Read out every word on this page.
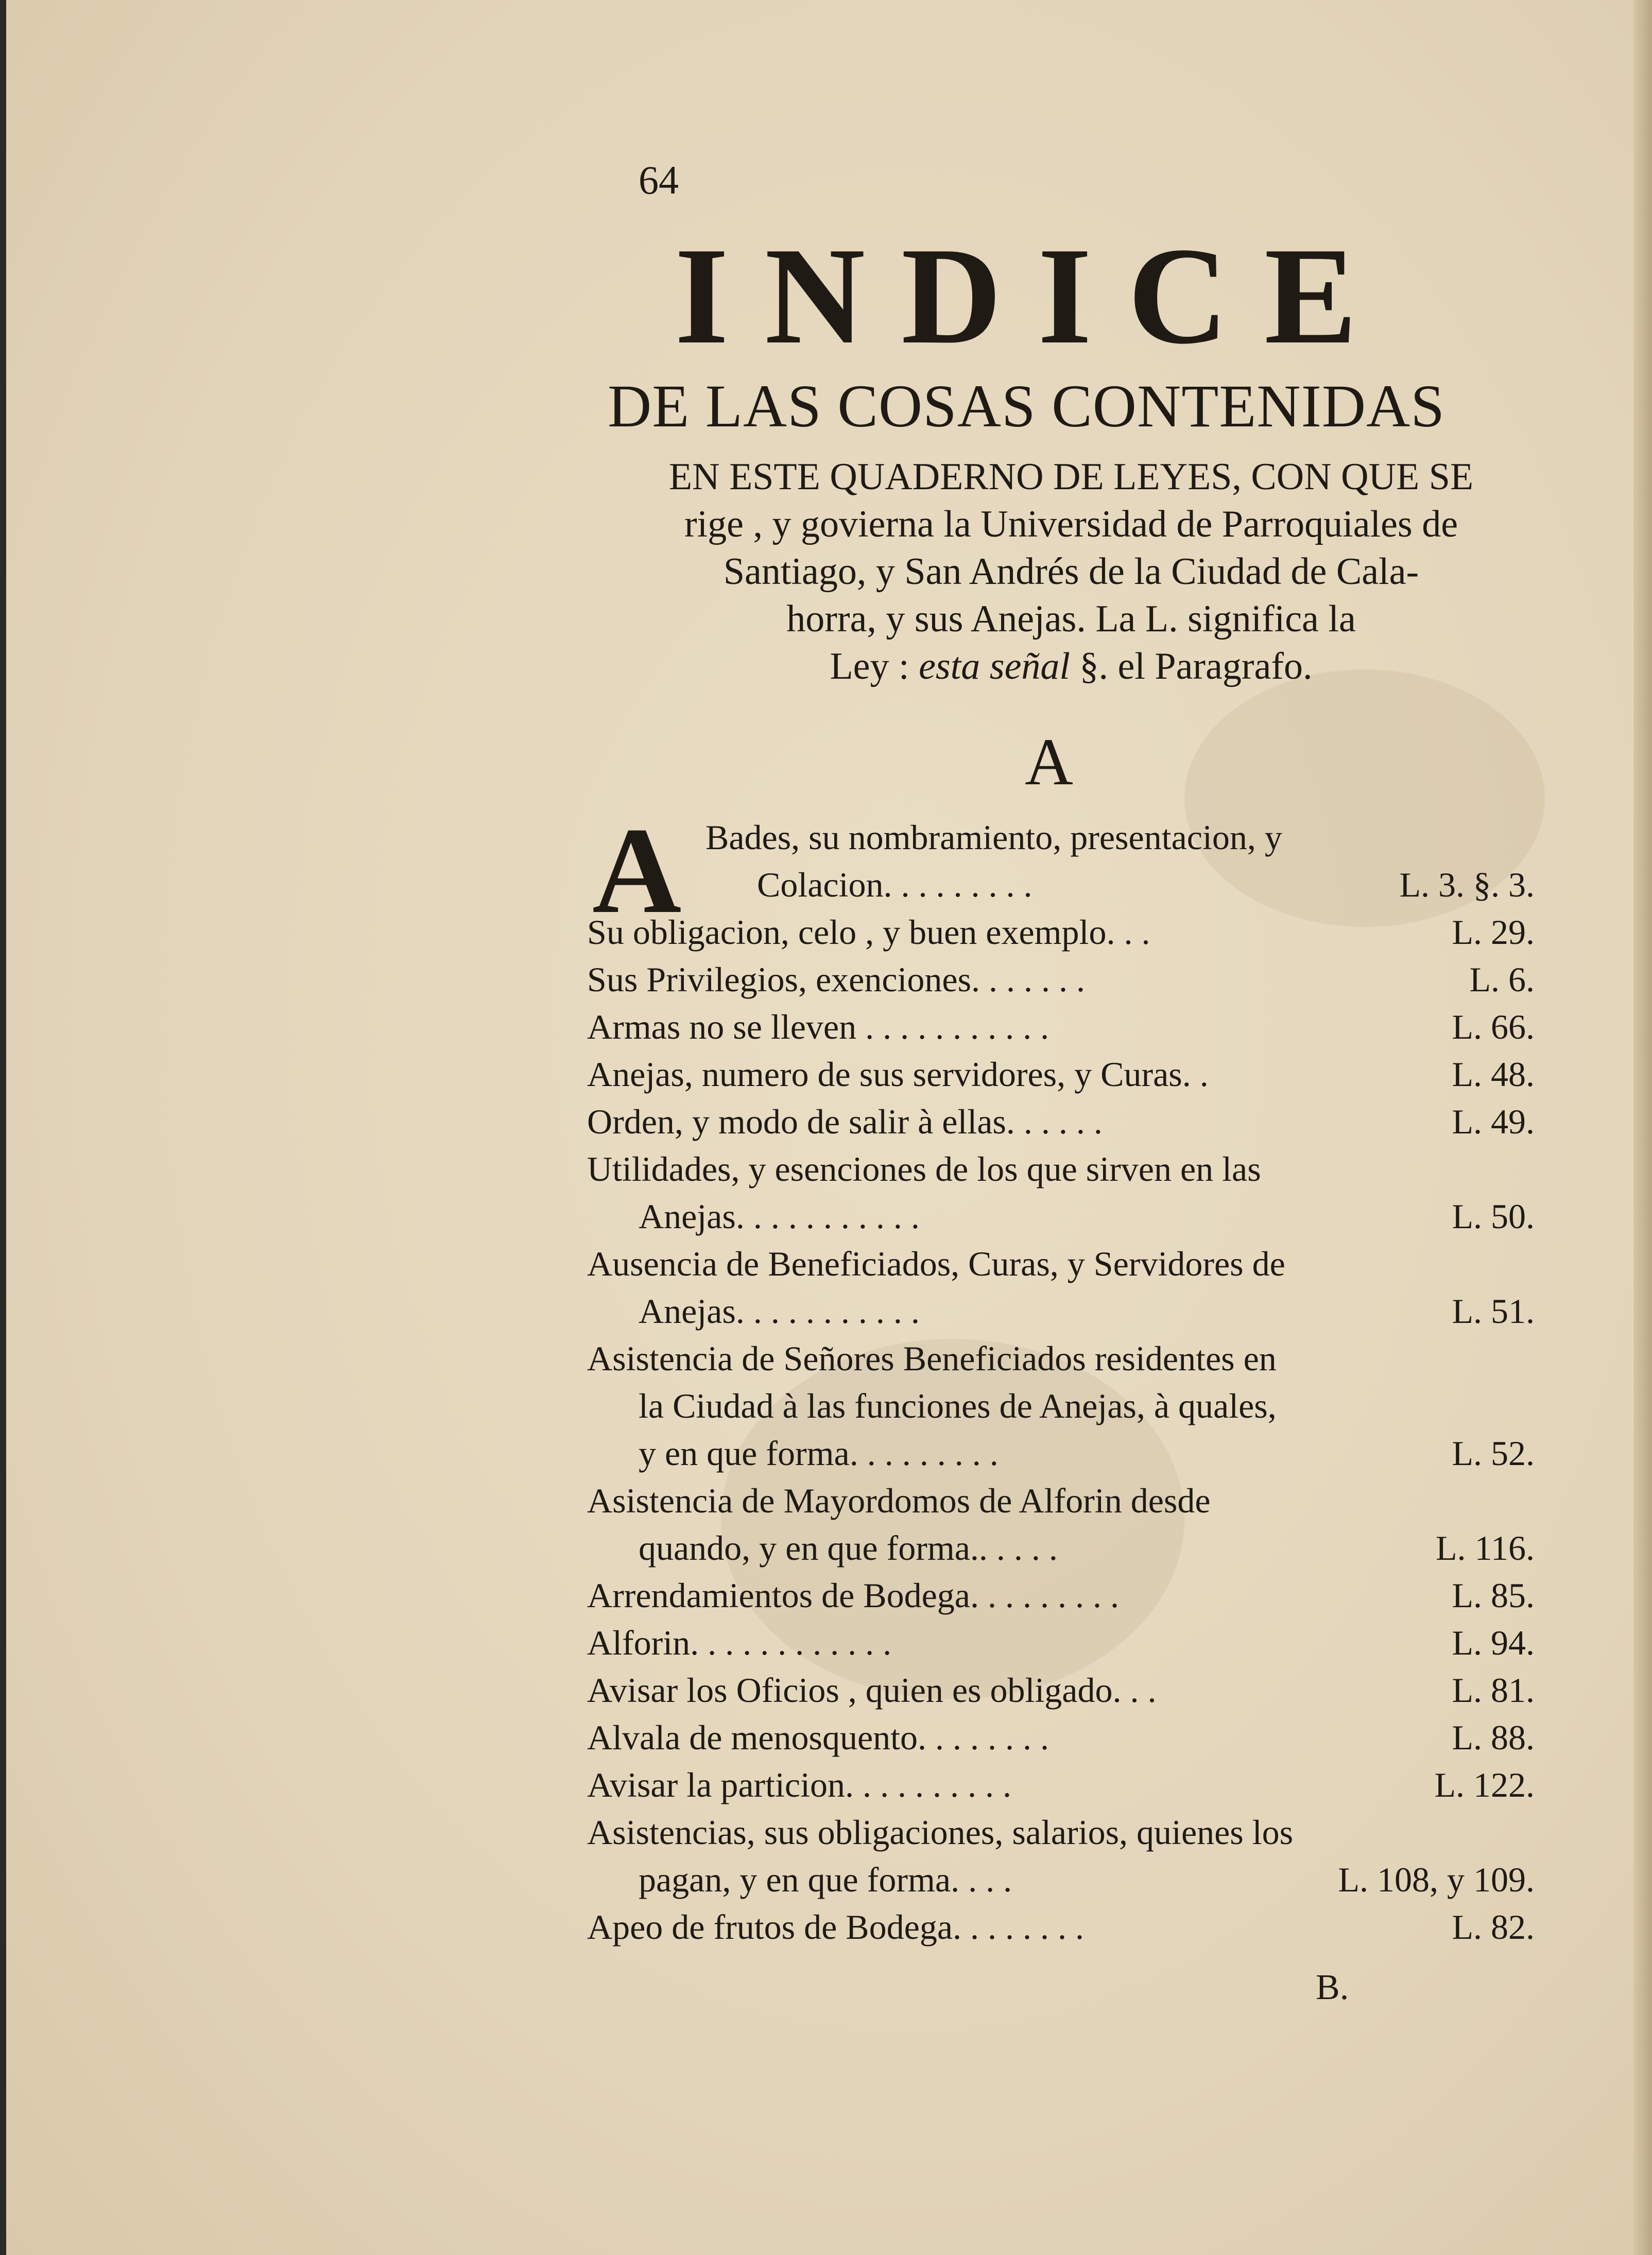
64
INDICE
DE LAS COSAS CONTENIDAS
EN ESTE QUADERNO DE LEYES, CON QUE SE
rige , y govierna la Universidad de Parroquiales de
Santiago, y San Andrés de la Ciudad de Cala-
horra, y sus Anejas. La L. significa la
Ley : esta señal §. el Paragrafo.
A
A Bades, su nombramiento, presentacion, y
Colacion. . . . . . . . .	L. 3. §. 3.
Su obligacion, celo , y buen exemplo. . .	L. 29.
Sus Privilegios, exenciones. . . . . . .	L. 6.
Armas no se lleven . . . . . . . . . . .	L. 66.
Anejas, numero de sus servidores, y Curas. .	L. 48.
Orden, y modo de salir à ellas. . . . . .	L. 49.
Utilidades, y esenciones de los que sirven en las
Anejas. . . . . . . . . . .	L. 50.
Ausencia de Beneficiados, Curas, y Servidores de
Anejas. . . . . . . . . . .	L. 51.
Asistencia de Señores Beneficiados residentes en
la Ciudad à las funciones de Anejas, à quales,
y en que forma. . . . . . . . .	L. 52.
Asistencia de Mayordomos de Alforin desde
quando, y en que forma.. . . . .	L. 116.
Arrendamientos de Bodega. . . . . . . . .	L. 85.
Alforin. . . . . . . . . . . .	L. 94.
Avisar los Oficios , quien es obligado. . .	L. 81.
Alvala de menosquento. . . . . . . .	L. 88.
Avisar la particion. . . . . . . . . .	L. 122.
Asistencias, sus obligaciones, salarios, quienes los
pagan, y en que forma. . . .	L. 108, y 109.
Apeo de frutos de Bodega. . . . . . . .	L. 82.
B.
